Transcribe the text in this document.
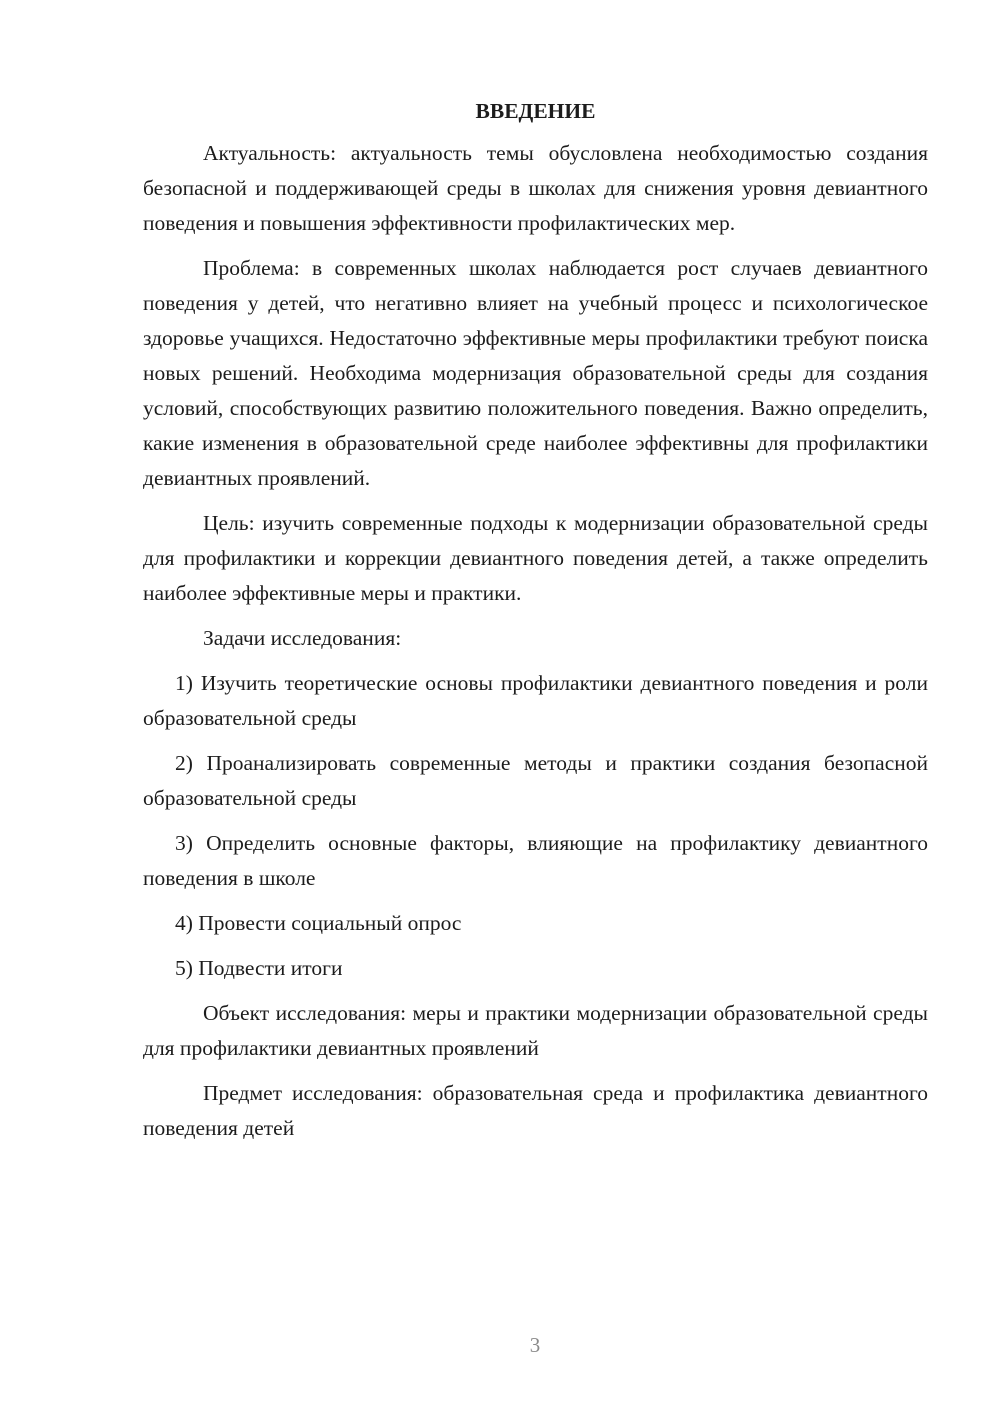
ВВЕДЕНИЕ

Актуальность: актуальность темы обусловлена необходимостью создания безопасной и поддерживающей среды в школах для снижения уровня девиантного поведения и повышения эффективности профилактических мер.

Проблема: в современных школах наблюдается рост случаев девиантного поведения у детей, что негативно влияет на учебный процесс и психологическое здоровье учащихся. Недостаточно эффективные меры профилактики требуют поиска новых решений. Необходима модернизация образовательной среды для создания условий, способствующих развитию положительного поведения. Важно определить, какие изменения в образовательной среде наиболее эффективны для профилактики девиантных проявлений.

Цель: изучить современные подходы к модернизации образовательной среды для профилактики и коррекции девиантного поведения детей, а также определить наиболее эффективные меры и практики.

Задачи исследования:

1) Изучить теоретические основы профилактики девиантного поведения и роли образовательной среды

2) Проанализировать современные методы и практики создания безопасной образовательной среды

3) Определить основные факторы, влияющие на профилактику девиантного поведения в школе

4) Провести социальный опрос

5) Подвести итоги

Объект исследования: меры и практики модернизации образовательной среды для профилактики девиантных проявлений

Предмет исследования: образовательная среда и профилактика девиантного поведения детей

3
